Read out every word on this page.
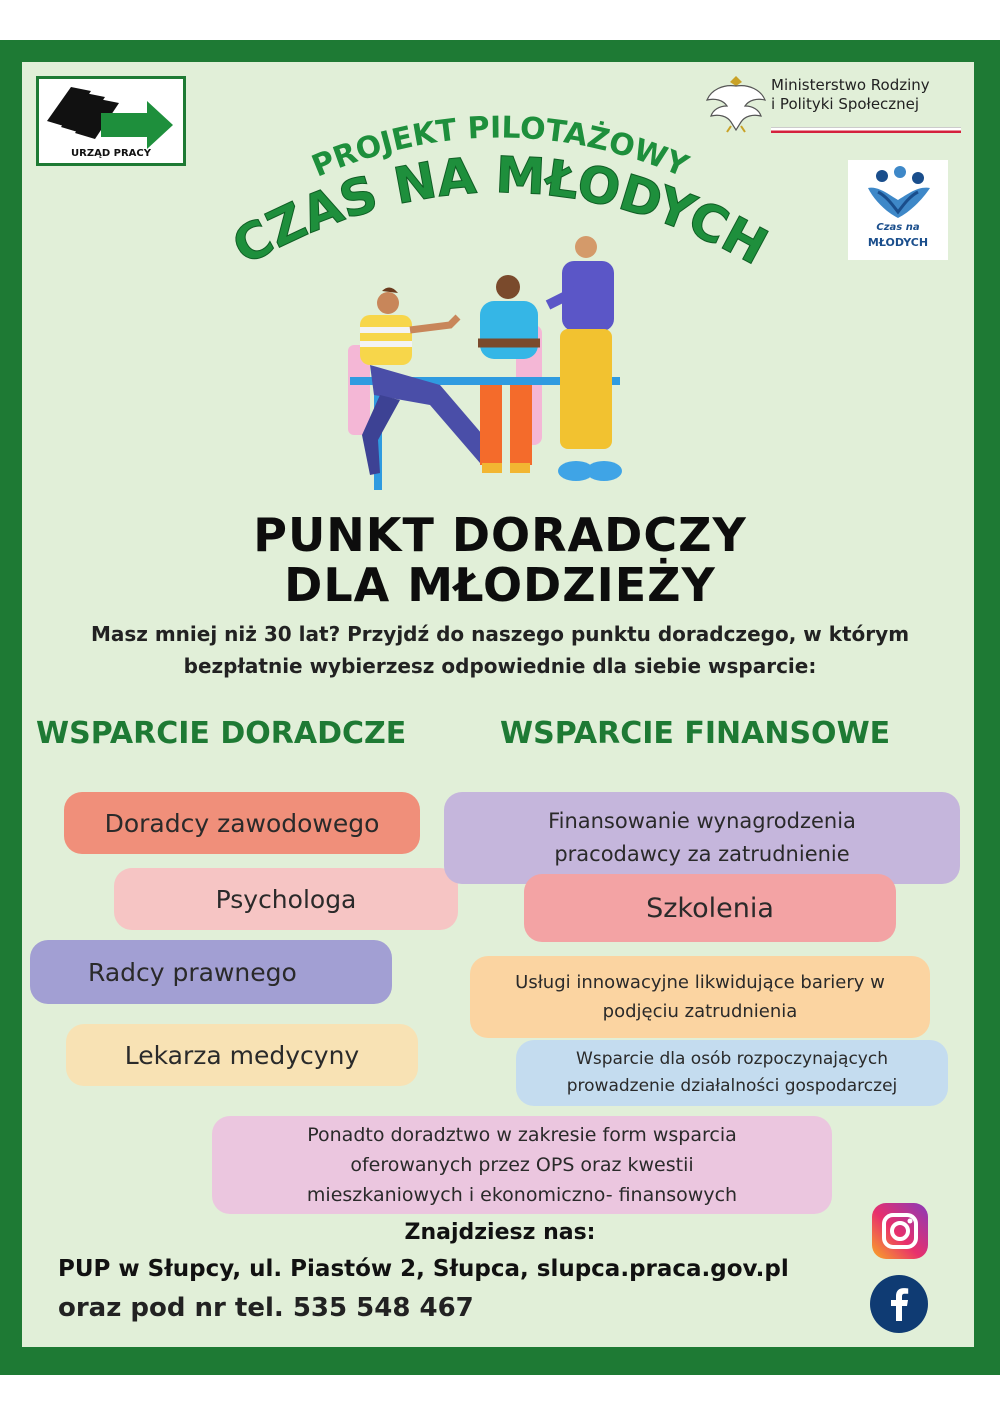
URZĄD PRACY
Ministerstwo Rodziny
i Polityki Społecznej
Czas na
MŁODYCH
PROJEKT PILOTAŻOWY
CZAS NA MŁODYCH
PUNKT DORADCZY
DLA MŁODZIEŻY
Masz mniej niż 30 lat? Przyjdź do naszego punktu doradczego, w którym
bezpłatnie wybierzesz odpowiednie dla siebie wsparcie:
WSPARCIE DORADCZE	WSPARCIE FINANSOWE
Doradcy zawodowego
Psychologa
Radcy prawnego
Lekarza medycyny
Finansowanie wynagrodzenia
pracodawcy za zatrudnienie
Szkolenia
Usługi innowacyjne likwidujące bariery w
podjęciu zatrudnienia
Wsparcie dla osób rozpoczynających
prowadzenie działalności gospodarczej
Ponadto doradztwo w zakresie form wsparcia
oferowanych przez OPS oraz kwestii
mieszkaniowych i ekonomiczno- finansowych
Znajdziesz nas:
PUP w Słupcy, ul. Piastów 2, Słupca, slupca.praca.gov.pl
oraz pod nr tel. 535 548 467
